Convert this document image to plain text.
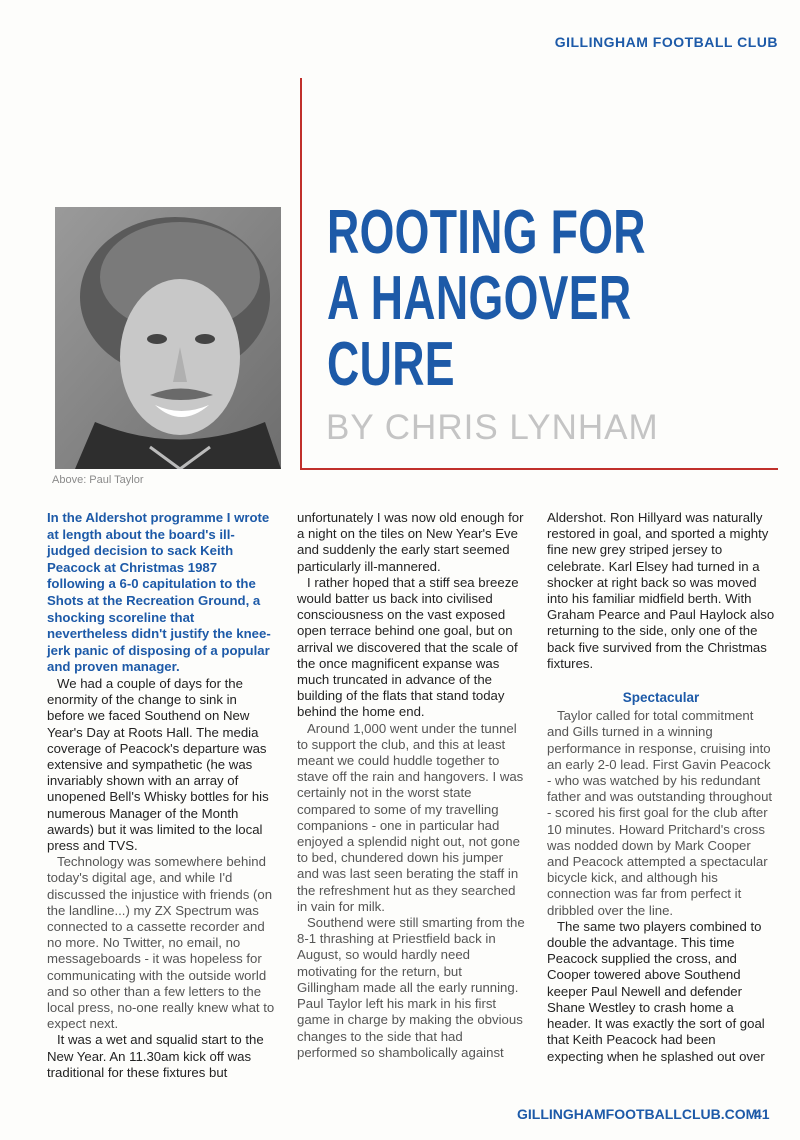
GILLINGHAM FOOTBALL CLUB
Above: Paul Taylor
ROOTING FOR
A HANGOVER
CURE
BY CHRIS LYNHAM

In the Aldershot programme I wrote at length about the board's ill-judged decision to sack Keith Peacock at Christmas 1987 following a 6-0 capitulation to the Shots at the Recreation Ground, a shocking scoreline that nevertheless didn't justify the knee-jerk panic of disposing of a popular and proven manager.

We had a couple of days for the enormity of the change to sink in before we faced Southend on New Year's Day at Roots Hall. The media coverage of Peacock's departure was extensive and sympathetic (he was invariably shown with an array of unopened Bell's Whisky bottles for his numerous Manager of the Month awards) but it was limited to the local press and TVS.

Technology was somewhere behind today's digital age, and while I'd discussed the injustice with friends (on the landline...) my ZX Spectrum was connected to a cassette recorder and no more. No Twitter, no email, no messageboards - it was hopeless for communicating with the outside world and so other than a few letters to the local press, no-one really knew what to expect next.

It was a wet and squalid start to the New Year. An 11.30am kick off was traditional for these fixtures but

unfortunately I was now old enough for a night on the tiles on New Year's Eve and suddenly the early start seemed particularly ill-mannered.

I rather hoped that a stiff sea breeze would batter us back into civilised consciousness on the vast exposed open terrace behind one goal, but on arrival we discovered that the scale of the once magnificent expanse was much truncated in advance of the building of the flats that stand today behind the home end.

Around 1,000 went under the tunnel to support the club, and this at least meant we could huddle together to stave off the rain and hangovers. I was certainly not in the worst state compared to some of my travelling companions - one in particular had enjoyed a splendid night out, not gone to bed, chundered down his jumper and was last seen berating the staff in the refreshment hut as they searched in vain for milk.

Southend were still smarting from the 8-1 thrashing at Priestfield back in August, so would hardly need motivating for the return, but Gillingham made all the early running. Paul Taylor left his mark in his first game in charge by making the obvious changes to the side that had performed so shambolically against

Aldershot. Ron Hillyard was naturally restored in goal, and sported a mighty fine new grey striped jersey to celebrate. Karl Elsey had turned in a shocker at right back so was moved into his familiar midfield berth. With Graham Pearce and Paul Haylock also returning to the side, only one of the back five survived from the Christmas fixtures.

Spectacular

Taylor called for total commitment and Gills turned in a winning performance in response, cruising into an early 2-0 lead. First Gavin Peacock - who was watched by his redundant father and was outstanding throughout - scored his first goal for the club after 10 minutes. Howard Pritchard's cross was nodded down by Mark Cooper and Peacock attempted a spectacular bicycle kick, and although his connection was far from perfect it dribbled over the line.

The same two players combined to double the advantage. This time Peacock supplied the cross, and Cooper towered above Southend keeper Paul Newell and defender Shane Westley to crash home a header. It was exactly the sort of goal that Keith Peacock had been expecting when he splashed out over

GILLINGHAMFOOTBALLCLUB.COM
41
